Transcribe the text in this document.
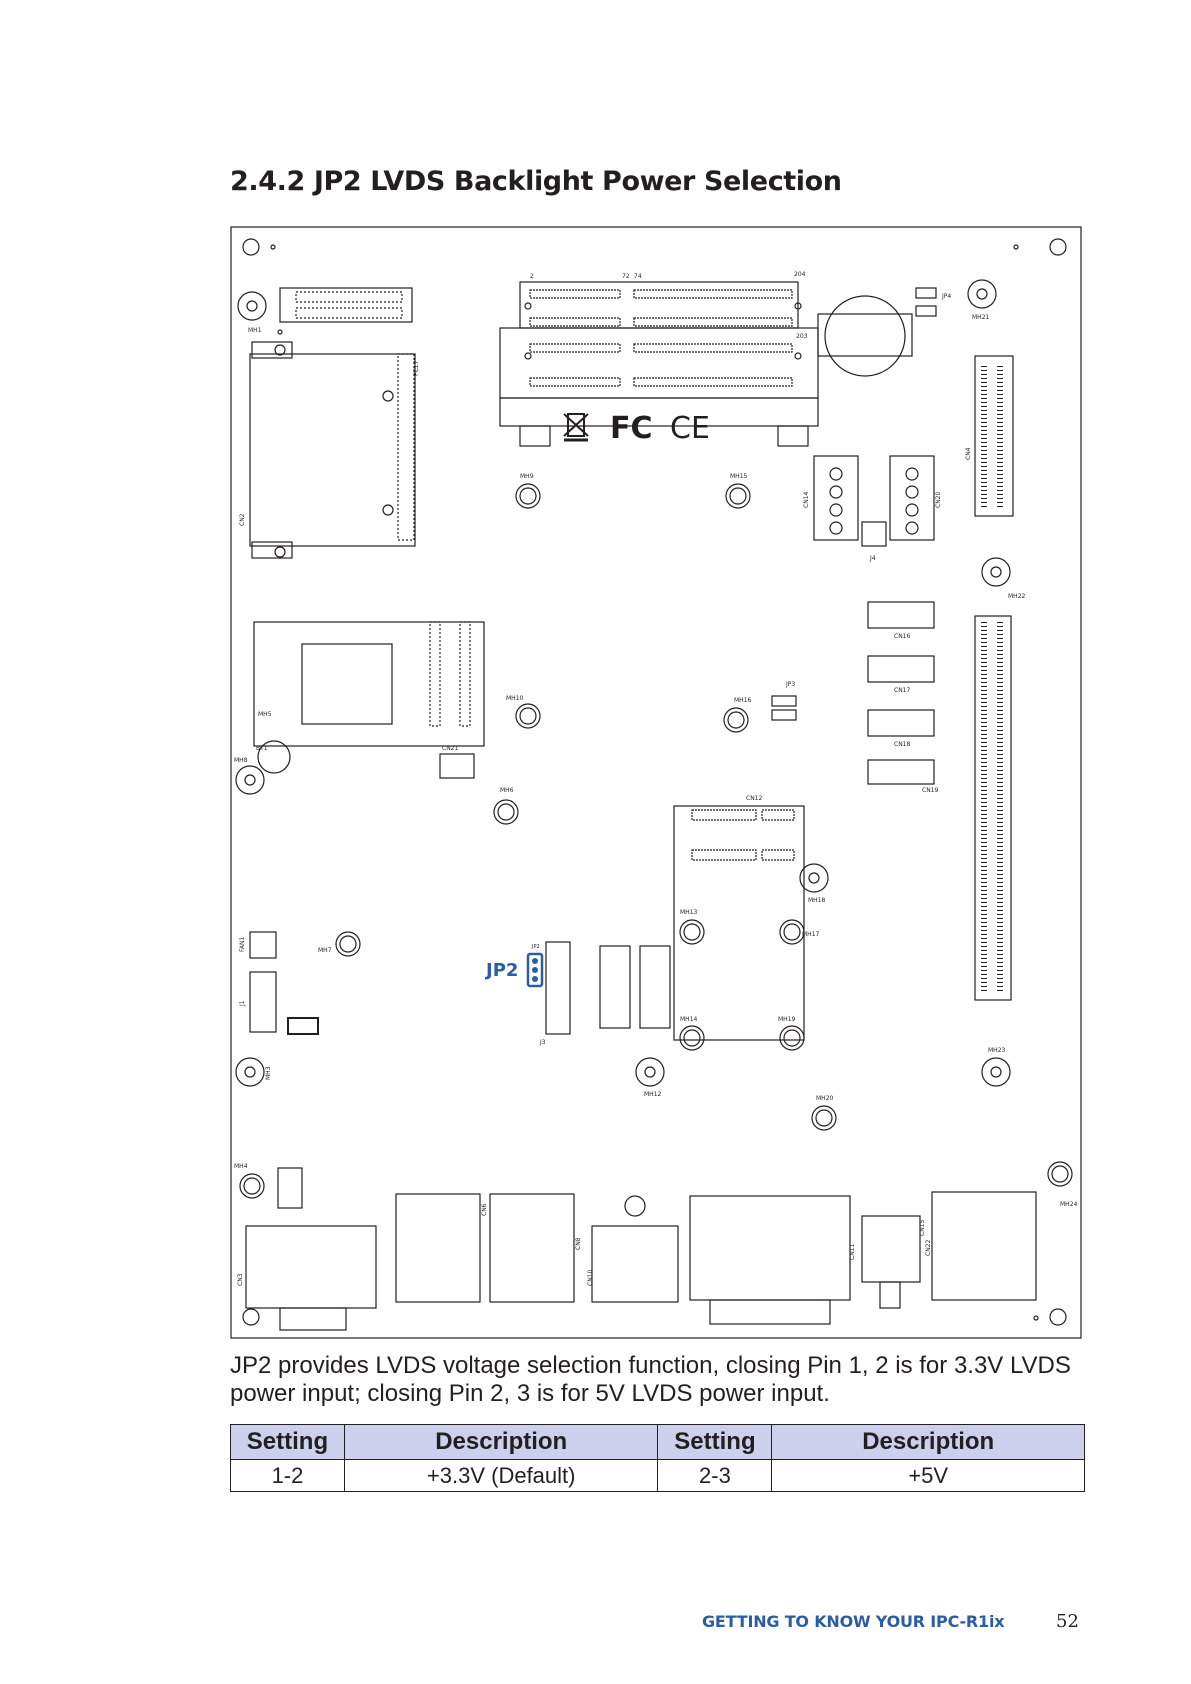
2.4.2 JP2 LVDS Backlight Power Selection
2	72 74	204
203
FC CE
MH1
PC17
CN2
JP4
MH21
CN4
MH9	MH15
CN14	CN20
J4
MH22
CN16
CN17
CN18
CN19
JP3
MH16
MH10
MH5
BT1
MH8
CN21
MH6
CN12
MH13
MH17
MH14	MH19
MH18
FAN1	MH7
J1
MH3
JP2
JP2
J3
MH12
MH23
MH20
MH4
MH24
CN3
CN6
CN8
CN10
CN11
CN15
CN22

JP2 provides LVDS voltage selection function, closing Pin 1, 2 is for 3.3V LVDS power input; closing Pin 2, 3 is for 5V LVDS power input.

Setting	Description	Setting	Description
1-2	+3.3V (Default)	2-3	+5V
GETTING TO KNOW YOUR IPC-R1ix	52
